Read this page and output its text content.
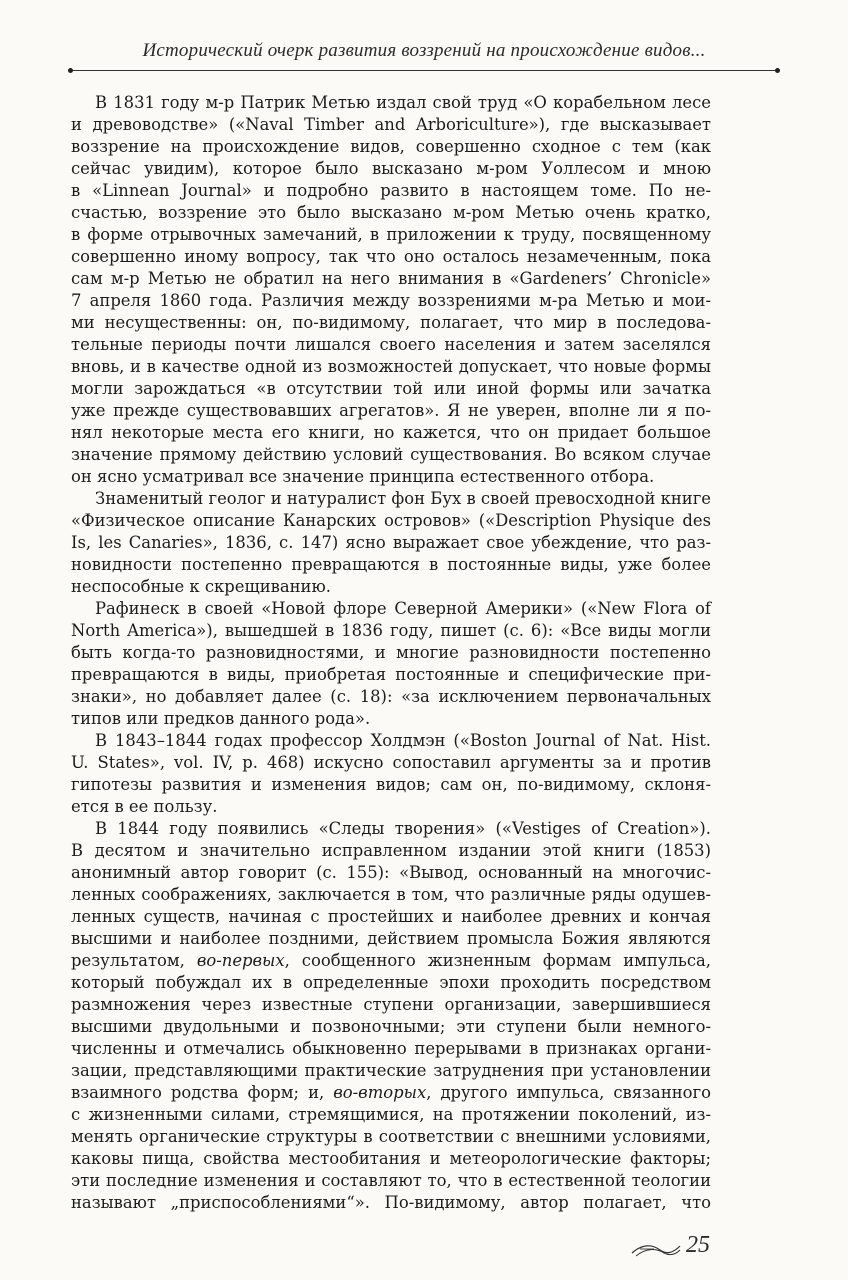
Исторический очерк развития воззрений на происхождение видов...
В 1831 году м-р Патрик Метью издал свой труд «О корабельном лесе
и древоводстве» («Naval Timber and Arboriculture»), где высказывает
воззрение на происхождение видов, совершенно сходное с тем (как
сейчас увидим), которое было высказано м-ром Уоллесом и мною
в «Linnean Journal» и подробно развито в настоящем томе. По не-
счастью, воззрение это было высказано м-ром Метью очень кратко,
в форме отрывочных замечаний, в приложении к труду, посвященному
совершенно иному вопросу, так что оно осталось незамеченным, пока
сам м-р Метью не обратил на него внимания в «Gardeners’ Chronicle»
7 апреля 1860 года. Различия между воззрениями м-ра Метью и мои-
ми несущественны: он, по-видимому, полагает, что мир в последова-
тельные периоды почти лишался своего населения и затем заселялся
вновь, и в качестве одной из возможностей допускает, что новые формы
могли зарождаться «в отсутствии той или иной формы или зачатка
уже прежде существовавших агрегатов». Я не уверен, вполне ли я по-
нял некоторые места его книги, но кажется, что он придает большое
значение прямому действию условий существования. Во всяком случае
он ясно усматривал все значение принципа естественного отбора.
Знаменитый геолог и натуралист фон Бух в своей превосходной книге
«Физическое описание Канарских островов» («Description Physique des
Is, les Canaries», 1836, с. 147) ясно выражает свое убеждение, что раз-
новидности постепенно превращаются в постоянные виды, уже более
неспособные к скрещиванию.
Рафинеск в своей «Новой флоре Северной Америки» («New Flora of
North America»), вышедшей в 1836 году, пишет (с. 6): «Все виды могли
быть когда-то разновидностями, и многие разновидности постепенно
превращаются в виды, приобретая постоянные и специфические при-
знаки», но добавляет далее (с. 18): «за исключением первоначальных
типов или предков данного рода».
В 1843–1844 годах профессор Холдмэн («Boston Journal of Nat. Hist.
U. States», vol. IV, p. 468) искусно сопоставил аргументы за и против
гипотезы развития и изменения видов; сам он, по-видимому, склоня-
ется в ее пользу.
В 1844 году появились «Следы творения» («Vestiges of Creation»).
В десятом и значительно исправленном издании этой книги (1853)
анонимный автор говорит (с. 155): «Вывод, основанный на многочис-
ленных соображениях, заключается в том, что различные ряды одушев-
ленных существ, начиная с простейших и наиболее древних и кончая
высшими и наиболее поздними, действием промысла Божия являются
результатом, во-первых, сообщенного жизненным формам импульса,
который побуждал их в определенные эпохи проходить посредством
размножения через известные ступени организации, завершившиеся
высшими двудольными и позвоночными; эти ступени были немного-
численны и отмечались обыкновенно перерывами в признаках органи-
зации, представляющими практические затруднения при установлении
взаимного родства форм; и, во-вторых, другого импульса, связанного
с жизненными силами, стремящимися, на протяжении поколений, из-
менять органические структуры в соответствии с внешними условиями,
каковы пища, свойства местообитания и метеорологические факторы;
эти последние изменения и составляют то, что в естественной теологии
называют „приспособлениями“». По-видимому, автор полагает, что
25
